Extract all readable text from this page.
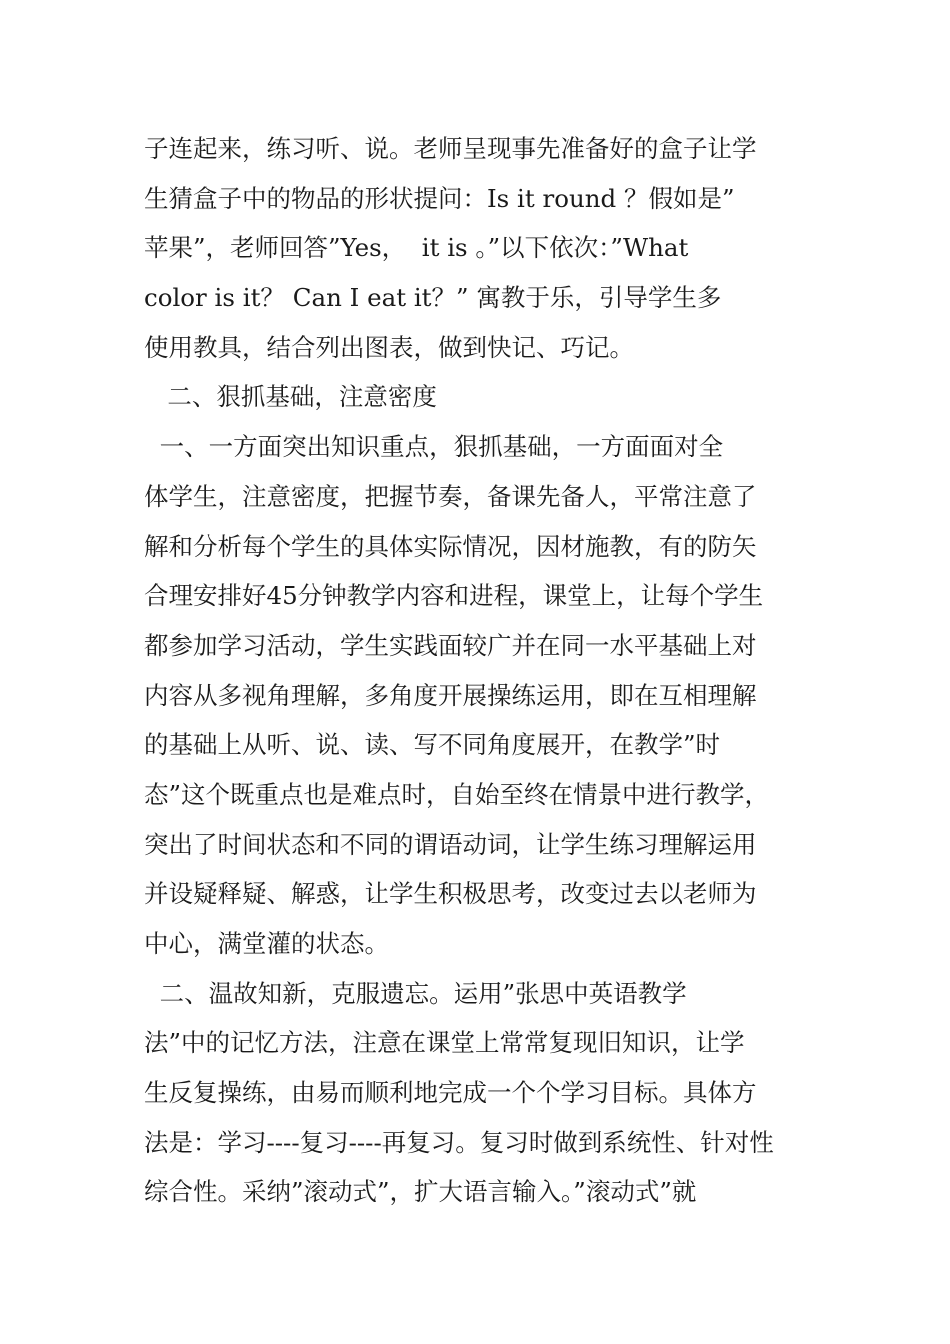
子连起来，练习听、说。老师呈现事先准备好的盒子让学
生猜盒子中的物品的形状提问：Is it round ？假如是”
苹果”，老师回答”Yes，  it is 。”以下依次：”What
color is it？ Can I eat it？” 寓教于乐，引导学生多
使用教具，结合列出图表，做到快记、巧记。
二、狠抓基础，注意密度
一、一方面突出知识重点，狠抓基础，一方面面对全
体学生，注意密度，把握节奏，备课先备人，平常注意了
解和分析每个学生的具体实际情况，因材施教，有的防矢
合理安排好45分钟教学内容和进程，课堂上，让每个学生
都参加学习活动，学生实践面较广并在同一水平基础上对
内容从多视角理解，多角度开展操练运用，即在互相理解
的基础上从听、说、读、写不同角度展开，在教学”时
态”这个既重点也是难点时，自始至终在情景中进行教学，
突出了时间状态和不同的谓语动词，让学生练习理解运用
并设疑释疑、解惑，让学生积极思考，改变过去以老师为
中心，满堂灌的状态。
二、温故知新，克服遗忘。运用”张思中英语教学
法”中的记忆方法，注意在课堂上常常复现旧知识，让学
生反复操练，由易而顺利地完成一个个学习目标。具体方
法是：学习----复习----再复习。复习时做到系统性、针对性
综合性。采纳”滚动式”，扩大语言输入。”滚动式”就
